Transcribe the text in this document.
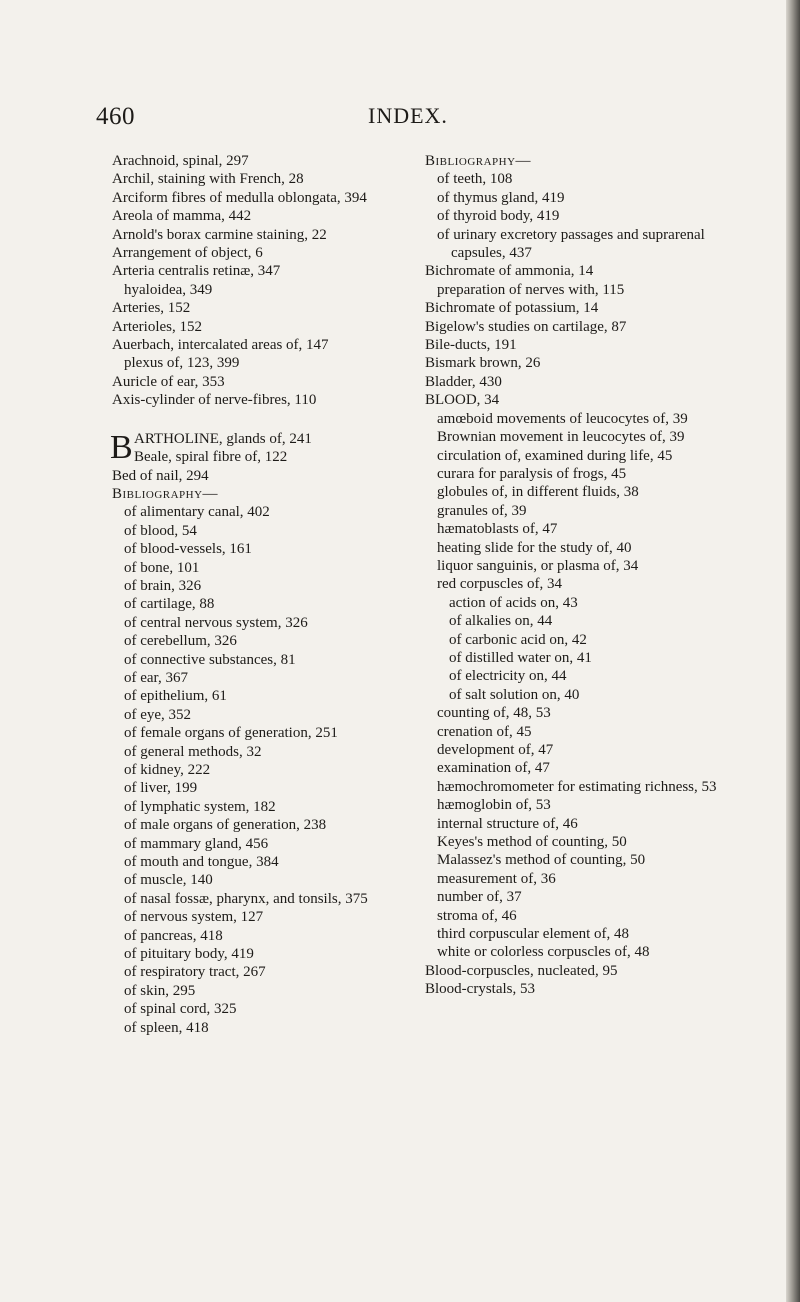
460	INDEX.
Arachnoid, spinal, 297
Archil, staining with French, 28
Arciform fibres of medulla oblongata, 394
Areola of mamma, 442
Arnold's borax carmine staining, 22
Arrangement of object, 6
Arteria centralis retinæ, 347
hyaloidea, 349
Arteries, 152
Arterioles, 152
Auerbach, intercalated areas of, 147
plexus of, 123, 399
Auricle of ear, 353
Axis-cylinder of nerve-fibres, 110
B ARTHOLINE, glands of, 241
Beale, spiral fibre of, 122
Bed of nail, 294
Bibliography—
of alimentary canal, 402
of blood, 54
of blood-vessels, 161
of bone, 101
of brain, 326
of cartilage, 88
of central nervous system, 326
of cerebellum, 326
of connective substances, 81
of ear, 367
of epithelium, 61
of eye, 352
of female organs of generation, 251
of general methods, 32
of kidney, 222
of liver, 199
of lymphatic system, 182
of male organs of generation, 238
of mammary gland, 456
of mouth and tongue, 384
of muscle, 140
of nasal fossæ, pharynx, and tonsils, 375
of nervous system, 127
of pancreas, 418
of pituitary body, 419
of respiratory tract, 267
of skin, 295
of spinal cord, 325
of spleen, 418
Bibliography—
of teeth, 108
of thymus gland, 419
of thyroid body, 419
of urinary excretory passages and suprarenal capsules, 437
Bichromate of ammonia, 14
preparation of nerves with, 115
Bichromate of potassium, 14
Bigelow's studies on cartilage, 87
Bile-ducts, 191
Bismark brown, 26
Bladder, 430
BLOOD, 34
amœboid movements of leucocytes of, 39
Brownian movement in leucocytes of, 39
circulation of, examined during life, 45
curara for paralysis of frogs, 45
globules of, in different fluids, 38
granules of, 39
hæmatoblasts of, 47
heating slide for the study of, 40
liquor sanguinis, or plasma of, 34
red corpuscles of, 34
action of acids on, 43
of alkalies on, 44
of carbonic acid on, 42
of distilled water on, 41
of electricity on, 44
of salt solution on, 40
counting of, 48, 53
crenation of, 45
development of, 47
examination of, 47
hæmochromometer for estimating richness, 53
hæmoglobin of, 53
internal structure of, 46
Keyes's method of counting, 50
Malassez's method of counting, 50
measurement of, 36
number of, 37
stroma of, 46
third corpuscular element of, 48
white or colorless corpuscles of, 48
Blood-corpuscles, nucleated, 95
Blood-crystals, 53
